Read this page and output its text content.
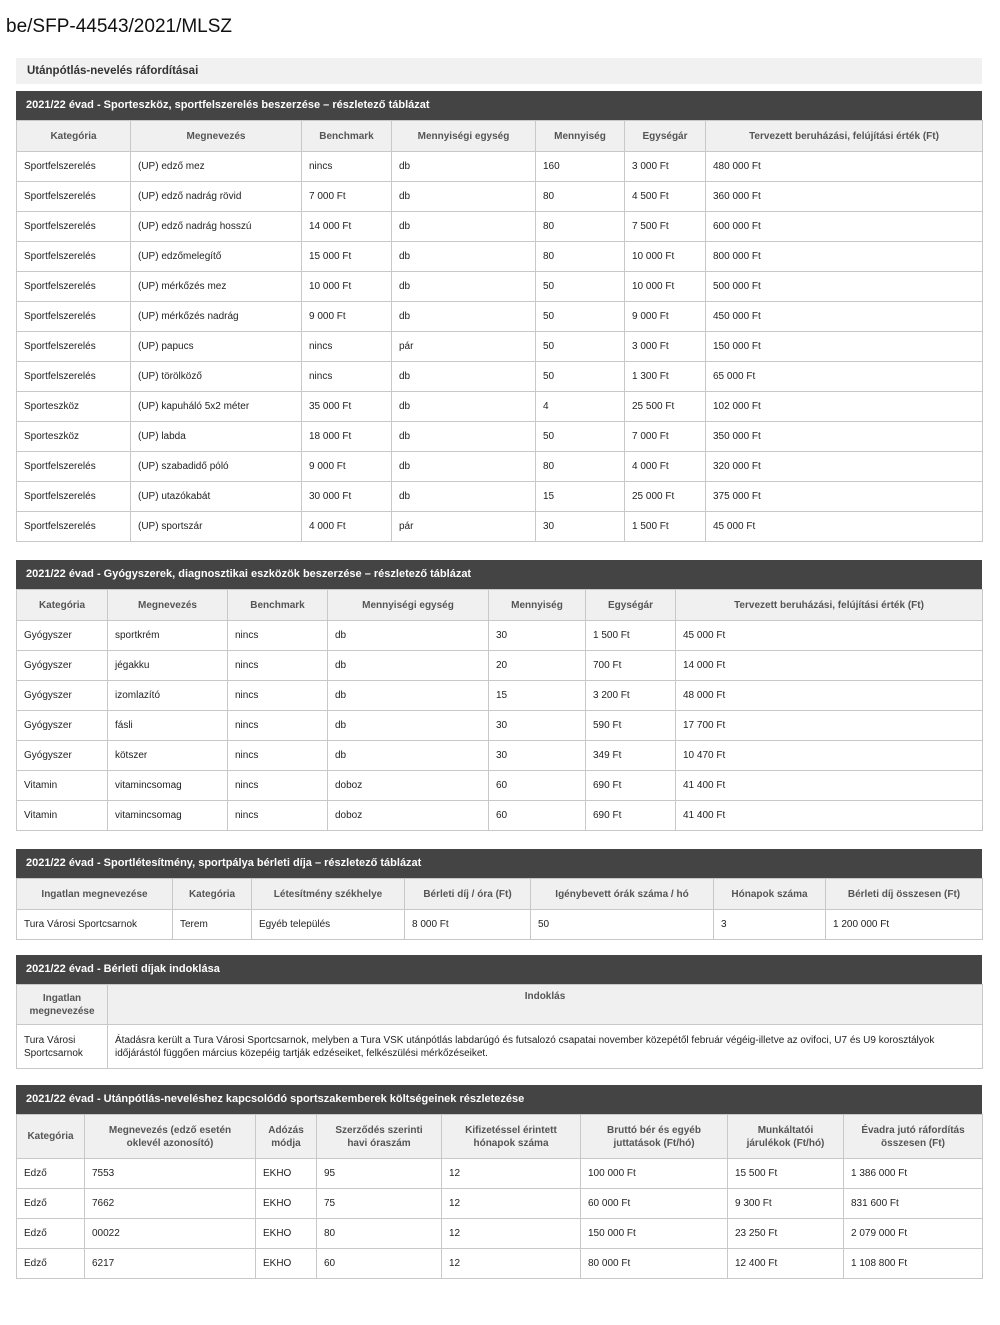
be/SFP-44543/2021/MLSZ
Utánpótlás-nevelés ráfordításai
2021/22 évad - Sporteszköz, sportfelszerelés beszerzése – részletező táblázat
Kategória	Megnevezés	Benchmark	Mennyiségi egység	Mennyiség	Egységár	Tervezett beruházási, felújítási érték (Ft)
Sportfelszerelés	(UP) edző mez	nincs	db	160	3 000 Ft	480 000 Ft
Sportfelszerelés	(UP) edző nadrág rövid	7 000 Ft	db	80	4 500 Ft	360 000 Ft
Sportfelszerelés	(UP) edző nadrág hosszú	14 000 Ft	db	80	7 500 Ft	600 000 Ft
Sportfelszerelés	(UP) edzőmelegítő	15 000 Ft	db	80	10 000 Ft	800 000 Ft
Sportfelszerelés	(UP) mérkőzés mez	10 000 Ft	db	50	10 000 Ft	500 000 Ft
Sportfelszerelés	(UP) mérkőzés nadrág	9 000 Ft	db	50	9 000 Ft	450 000 Ft
Sportfelszerelés	(UP) papucs	nincs	pár	50	3 000 Ft	150 000 Ft
Sportfelszerelés	(UP) törölköző	nincs	db	50	1 300 Ft	65 000 Ft
Sporteszköz	(UP) kapuháló 5x2 méter	35 000 Ft	db	4	25 500 Ft	102 000 Ft
Sporteszköz	(UP) labda	18 000 Ft	db	50	7 000 Ft	350 000 Ft
Sportfelszerelés	(UP) szabadidő póló	9 000 Ft	db	80	4 000 Ft	320 000 Ft
Sportfelszerelés	(UP) utazókabát	30 000 Ft	db	15	25 000 Ft	375 000 Ft
Sportfelszerelés	(UP) sportszár	4 000 Ft	pár	30	1 500 Ft	45 000 Ft
2021/22 évad - Gyógyszerek, diagnosztikai eszközök beszerzése – részletező táblázat
Kategória	Megnevezés	Benchmark	Mennyiségi egység	Mennyiség	Egységár	Tervezett beruházási, felújítási érték (Ft)
Gyógyszer	sportkrém	nincs	db	30	1 500 Ft	45 000 Ft
Gyógyszer	jégakku	nincs	db	20	700 Ft	14 000 Ft
Gyógyszer	izomlazító	nincs	db	15	3 200 Ft	48 000 Ft
Gyógyszer	fásli	nincs	db	30	590 Ft	17 700 Ft
Gyógyszer	kötszer	nincs	db	30	349 Ft	10 470 Ft
Vitamin	vitamincsomag	nincs	doboz	60	690 Ft	41 400 Ft
Vitamin	vitamincsomag	nincs	doboz	60	690 Ft	41 400 Ft
2021/22 évad - Sportlétesítmény, sportpálya bérleti díja – részletező táblázat
Ingatlan megnevezése	Kategória	Létesítmény székhelye	Bérleti díj / óra (Ft)	Igénybevett órák száma / hó	Hónapok száma	Bérleti díj összesen (Ft)
Tura Városi Sportcsarnok	Terem	Egyéb település	8 000 Ft	50	3	1 200 000 Ft
2021/22 évad - Bérleti díjak indoklása
Ingatlan megnevezése	Indoklás
Tura Városi Sportcsarnok	Átadásra került a Tura Városi Sportcsarnok, melyben a Tura VSK utánpótlás labdarúgó és futsalozó csapatai november közepétől február végéig-illetve az ovifoci, U7 és U9 korosztályok időjárástól függően március közepéig tartják edzéseiket, felkészülési mérkőzéseiket.
2021/22 évad - Utánpótlás-neveléshez kapcsolódó sportszakemberek költségeinek részletezése
Kategória	Megnevezés (edző esetén oklevél azonosító)	Adózás módja	Szerződés szerinti havi óraszám	Kifizetéssel érintett hónapok száma	Bruttó bér és egyéb juttatások (Ft/hó)	Munkáltatói járulékok (Ft/hó)	Évadra jutó ráfordítás összesen (Ft)
Edző	7553	EKHO	95	12	100 000 Ft	15 500 Ft	1 386 000 Ft
Edző	7662	EKHO	75	12	60 000 Ft	9 300 Ft	831 600 Ft
Edző	00022	EKHO	80	12	150 000 Ft	23 250 Ft	2 079 000 Ft
Edző	6217	EKHO	60	12	80 000 Ft	12 400 Ft	1 108 800 Ft
